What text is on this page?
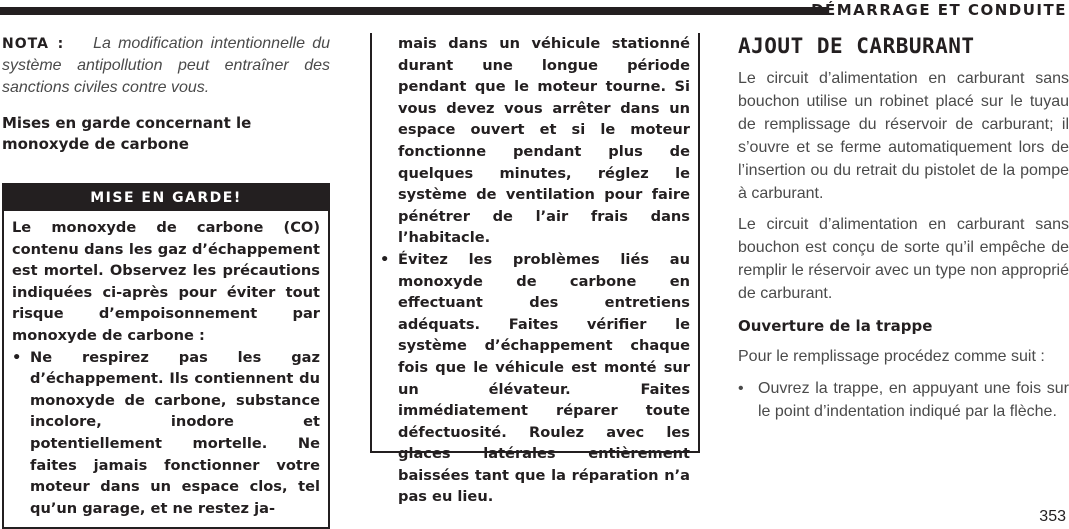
DÉMARRAGE ET CONDUITE

NOTA : La modification intentionnelle du système antipollution peut entraîner des sanctions civiles contre vous.

Mises en garde concernant le monoxyde de carbone

MISE EN GARDE!

Le monoxyde de carbone (CO) contenu dans les gaz d’échappement est mortel. Observez les précautions indiquées ci-après pour éviter tout risque d’empoisonnement par monoxyde de carbone :

• Ne respirez pas les gaz d’échappement. Ils contiennent du monoxyde de carbone, substance incolore, inodore et potentiellement mortelle. Ne faites jamais fonctionner votre moteur dans un espace clos, tel qu’un garage, et ne restez ja-

mais dans un véhicule stationné durant une longue période pendant que le moteur tourne. Si vous devez vous arrêter dans un espace ouvert et si le moteur fonctionne pendant plus de quelques minutes, réglez le système de ventilation pour faire pénétrer de l’air frais dans l’habitacle.

• Évitez les problèmes liés au monoxyde de carbone en effectuant des entretiens adéquats. Faites vérifier le système d’échappement chaque fois que le véhicule est monté sur un élévateur. Faites immédiatement réparer toute défectuosité. Roulez avec les glaces latérales entièrement baissées tant que la réparation n’a pas eu lieu.
AJOUT DE CARBURANT

Le circuit d’alimentation en carburant sans bouchon utilise un robinet placé sur le tuyau de remplissage du réservoir de carburant; il s’ouvre et se ferme automatiquement lors de l’insertion ou du retrait du pistolet de la pompe à carburant.

Le circuit d’alimentation en carburant sans bouchon est conçu de sorte qu’il empêche de remplir le réservoir avec un type non approprié de carburant.

Ouverture de la trappe

Pour le remplissage procédez comme suit :

• Ouvrez la trappe, en appuyant une fois sur le point d’indentation indiqué par la flèche.
353
